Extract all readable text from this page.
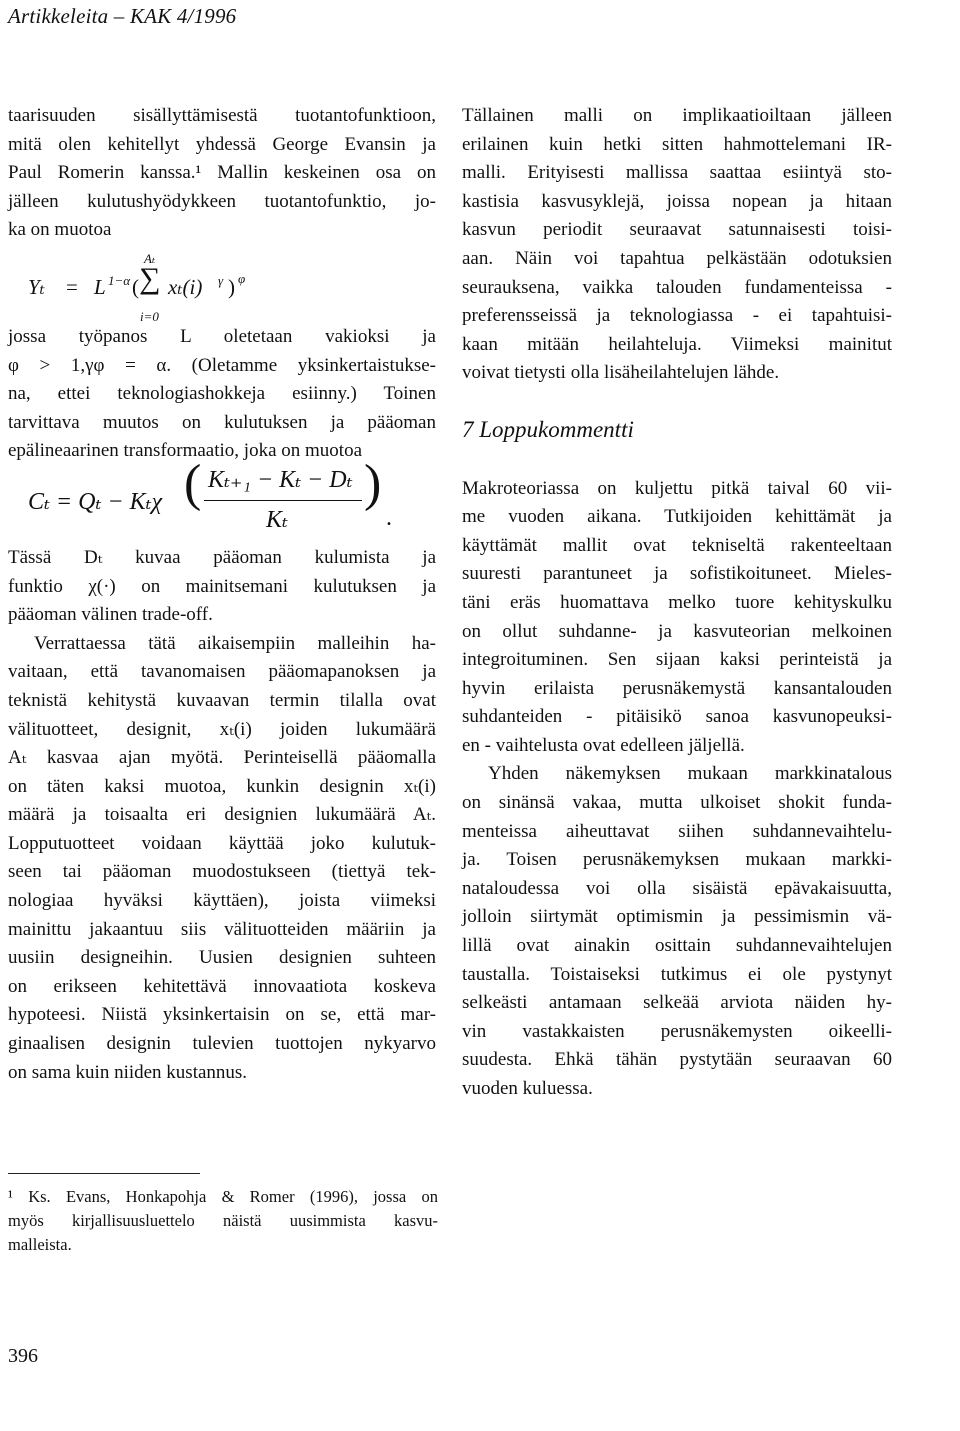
Artikkeleita – KAK 4/1996

taarisuuden sisällyttämisestä tuotantofunktioon,

mitä olen kehitellyt yhdessä George Evansin ja

Paul Romerin kanssa.¹ Mallin keskeinen osa on

jälleen kulutushyödykkeen tuotantofunktio, jo-

ka on muotoa

Yₜ = L 1−α (
Aₜ
∑
i=0
xₜ(i) γ ) φ

jossa työpanos L oletetaan vakioksi ja

φ > 1,γφ = α. (Oletamme yksinkertaistukse-

na, ettei teknologiashokkeja esiinny.) Toinen

tarvittava muutos on kulutuksen ja pääoman

epälineaarinen transformaatio, joka on muotoa

Cₜ = Qₜ − Kₜχ ( Kₜ₊₁ − Kₜ − Dₜ
Kₜ
)
.

Tässä Dₜ kuvaa pääoman kulumista ja

funktio χ(·) on mainitsemani kulutuksen ja

pääoman välinen trade-off.

Verrattaessa tätä aikaisempiin malleihin ha-

vaitaan, että tavanomaisen pääomapanoksen ja

teknistä kehitystä kuvaavan termin tilalla ovat

välituotteet, designit, xₜ(i) joiden lukumäärä

Aₜ kasvaa ajan myötä. Perinteisellä pääomalla

on täten kaksi muotoa, kunkin designin xₜ(i)

määrä ja toisaalta eri designien lukumäärä Aₜ.

Lopputuotteet voidaan käyttää joko kulutuk-

seen tai pääoman muodostukseen (tiettyä tek-

nologiaa hyväksi käyttäen), joista viimeksi

mainittu jakaantuu siis välituotteiden määriin ja

uusiin designeihin. Uusien designien suhteen

on erikseen kehitettävä innovaatiota koskeva

hypoteesi. Niistä yksinkertaisin on se, että mar-

ginaalisen designin tulevien tuottojen nykyarvo

on sama kuin niiden kustannus.

Tällainen malli on implikaatioiltaan jälleen

erilainen kuin hetki sitten hahmottelemani IR-

malli. Erityisesti mallissa saattaa esiintyä sto-

kastisia kasvusyklejä, joissa nopean ja hitaan

kasvun periodit seuraavat satunnaisesti toisi-

aan. Näin voi tapahtua pelkästään odotuksien

seurauksena, vaikka talouden fundamenteissa -

preferensseissä ja teknologiassa - ei tapahtuisi-

kaan mitään heilahteluja. Viimeksi mainitut

voivat tietysti olla lisäheilahtelujen lähde.

7 Loppukommentti

Makroteoriassa on kuljettu pitkä taival 60 vii-

me vuoden aikana. Tutkijoiden kehittämät ja

käyttämät mallit ovat tekniseltä rakenteeltaan

suuresti parantuneet ja sofistikoituneet. Mieles-

täni eräs huomattava melko tuore kehityskulku

on ollut suhdanne- ja kasvuteorian melkoinen

integroituminen. Sen sijaan kaksi perinteistä ja

hyvin erilaista perusnäkemystä kansantalouden

suhdanteiden - pitäisikö sanoa kasvunopeuksi-

en - vaihtelusta ovat edelleen jäljellä.

Yhden näkemyksen mukaan markkinatalous

on sinänsä vakaa, mutta ulkoiset shokit funda-

menteissa aiheuttavat siihen suhdannevaihtelu-

ja. Toisen perusnäkemyksen mukaan markki-

nataloudessa voi olla sisäistä epävakaisuutta,

jolloin siirtymät optimismin ja pessimismin vä-

lillä ovat ainakin osittain suhdannevaihtelujen

taustalla. Toistaiseksi tutkimus ei ole pystynyt

selkeästi antamaan selkeää arviota näiden hy-

vin vastakkaisten perusnäkemysten oikeelli-

suudesta. Ehkä tähän pystytään seuraavan 60

vuoden kuluessa.

¹ Ks. Evans, Honkapohja & Romer (1996), jossa on
myös kirjallisuusluettelo näistä uusimmista kasvu-
malleista.
396
